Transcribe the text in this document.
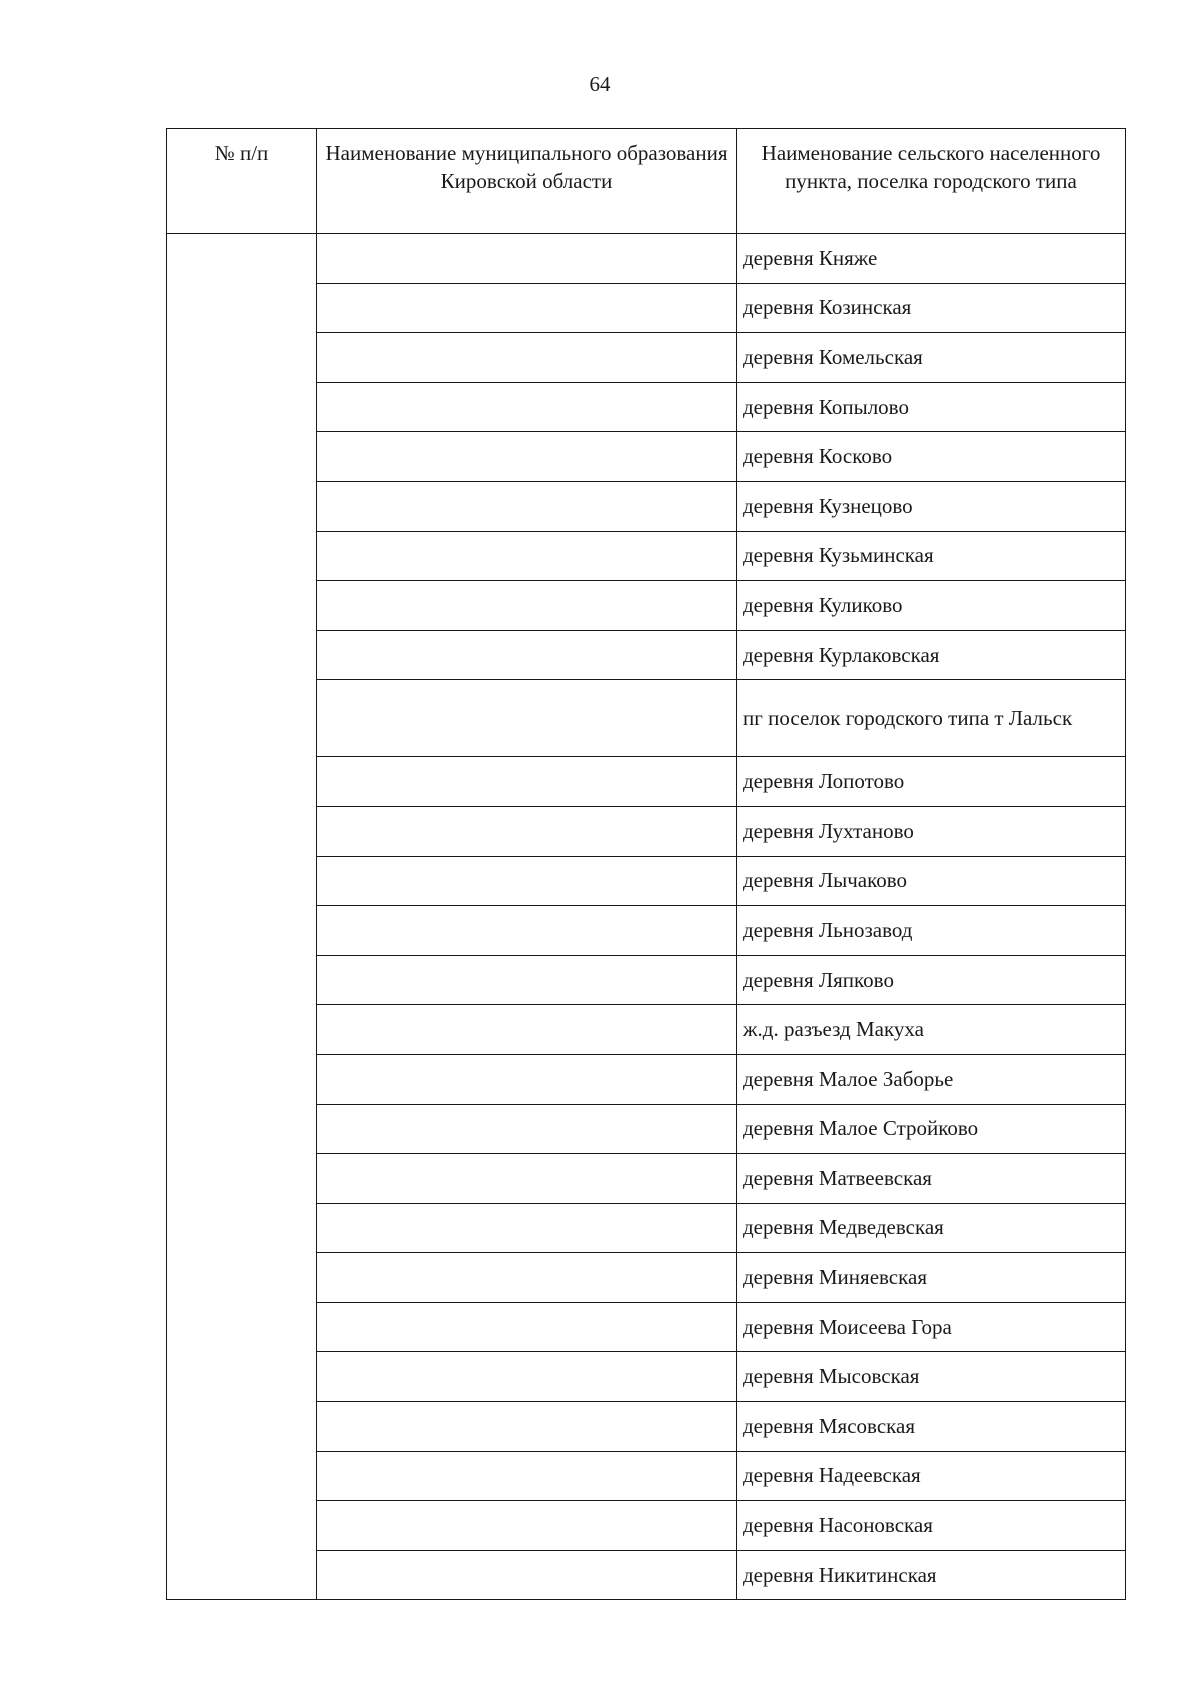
64
№ п/п	Наименование муниципального образования Кировской области	Наименование сельского населенного пункта, поселка городского типа
		деревня Княже
		деревня Козинская
		деревня Комельская
		деревня Копылово
		деревня Косково
		деревня Кузнецово
		деревня Кузьминская
		деревня Куликово
		деревня Курлаковская
		пг поселок городского типа т Лальск
		деревня Лопотово
		деревня Лухтаново
		деревня Лычаково
		деревня Льнозавод
		деревня Ляпково
		ж.д. разъезд Макуха
		деревня Малое Заборье
		деревня Малое Стройково
		деревня Матвеевская
		деревня Медведевская
		деревня Миняевская
		деревня Моисеева Гора
		деревня Мысовская
		деревня Мясовская
		деревня Надеевская
		деревня Насоновская
		деревня Никитинская
